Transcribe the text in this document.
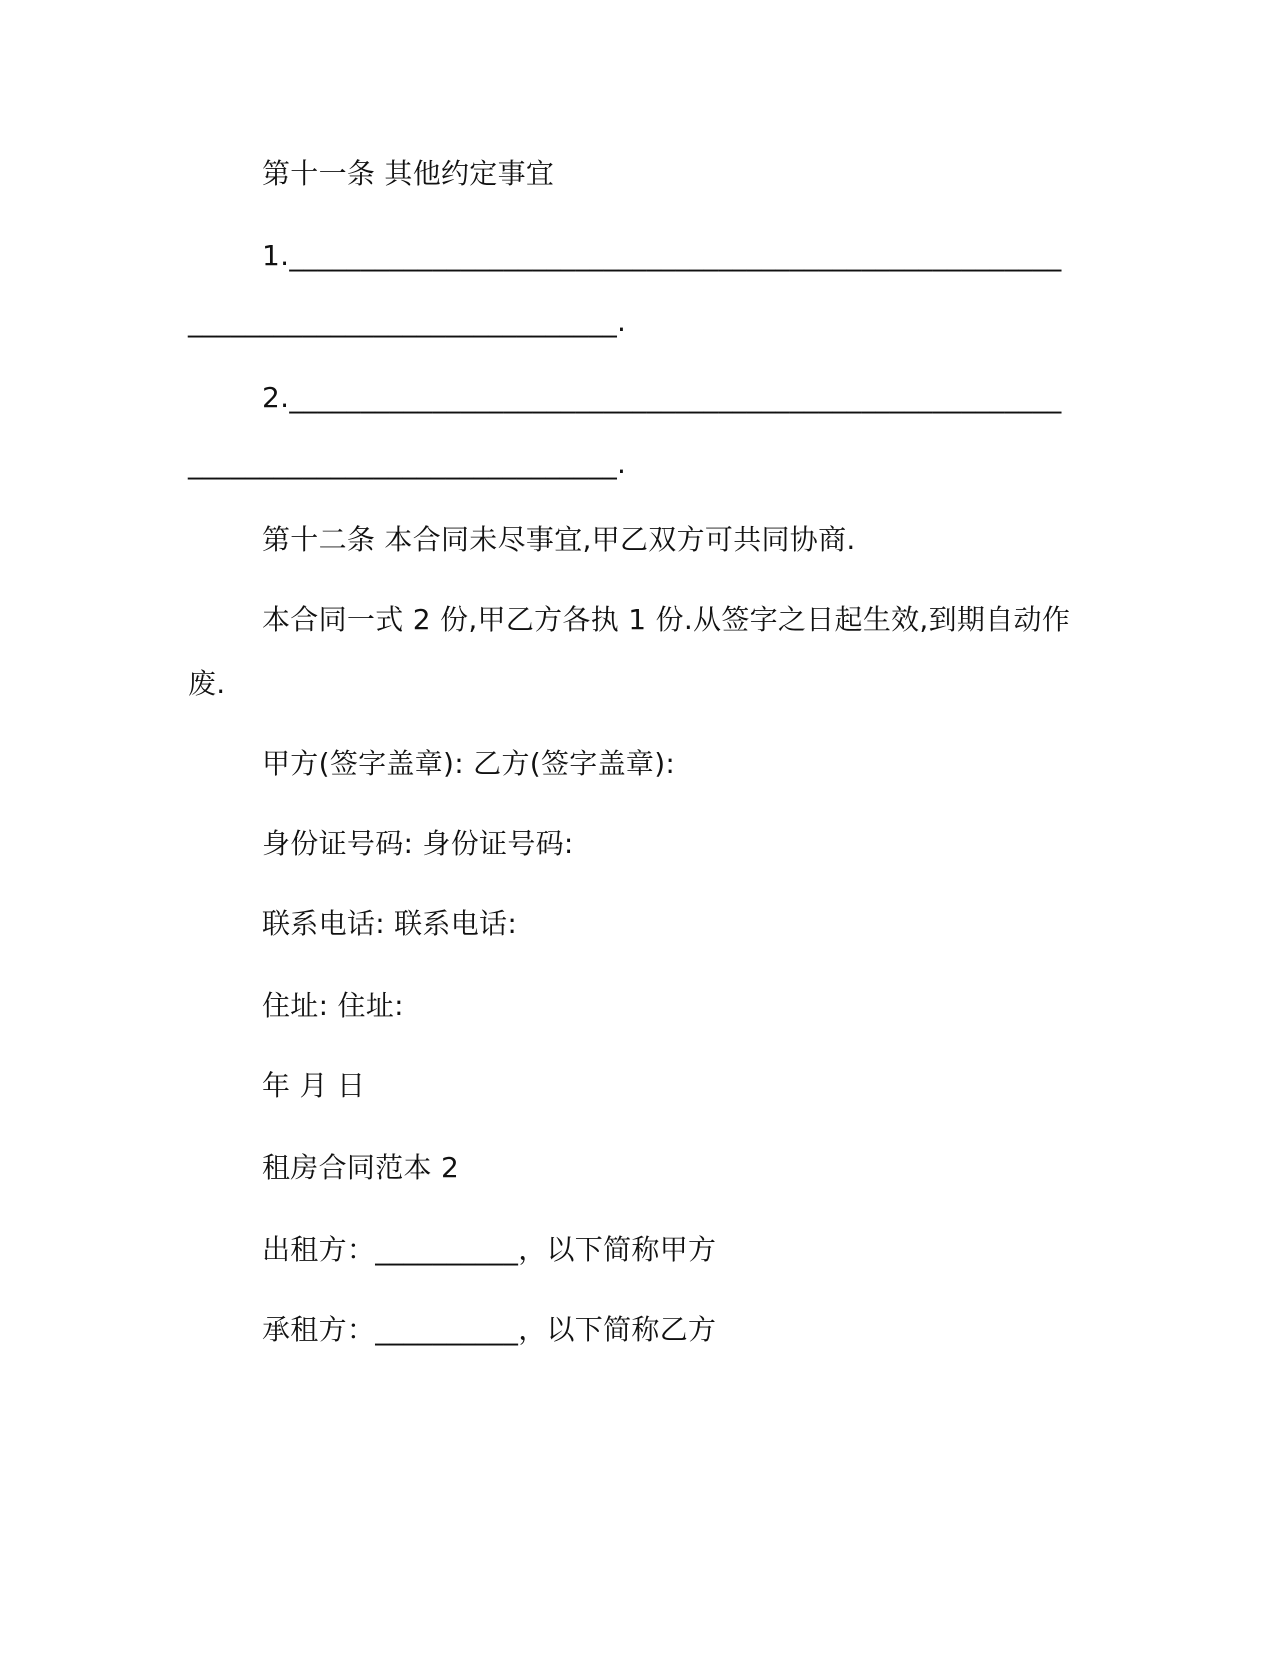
第十一条 其他约定事宜

1.______________________________________________________

______________________________.

2.______________________________________________________

______________________________.

第十二条 本合同未尽事宜,甲乙双方可共同协商.

本合同一式 2 份,甲乙方各执 1 份.从签字之日起生效,到期自动作

废.

甲方(签字盖章): 乙方(签字盖章):

身份证号码: 身份证号码:

联系电话: 联系电话:

住址: 住址:

年 月 日

租房合同范本 2

出租方：__________，以下简称甲方

承租方：__________，以下简称乙方
